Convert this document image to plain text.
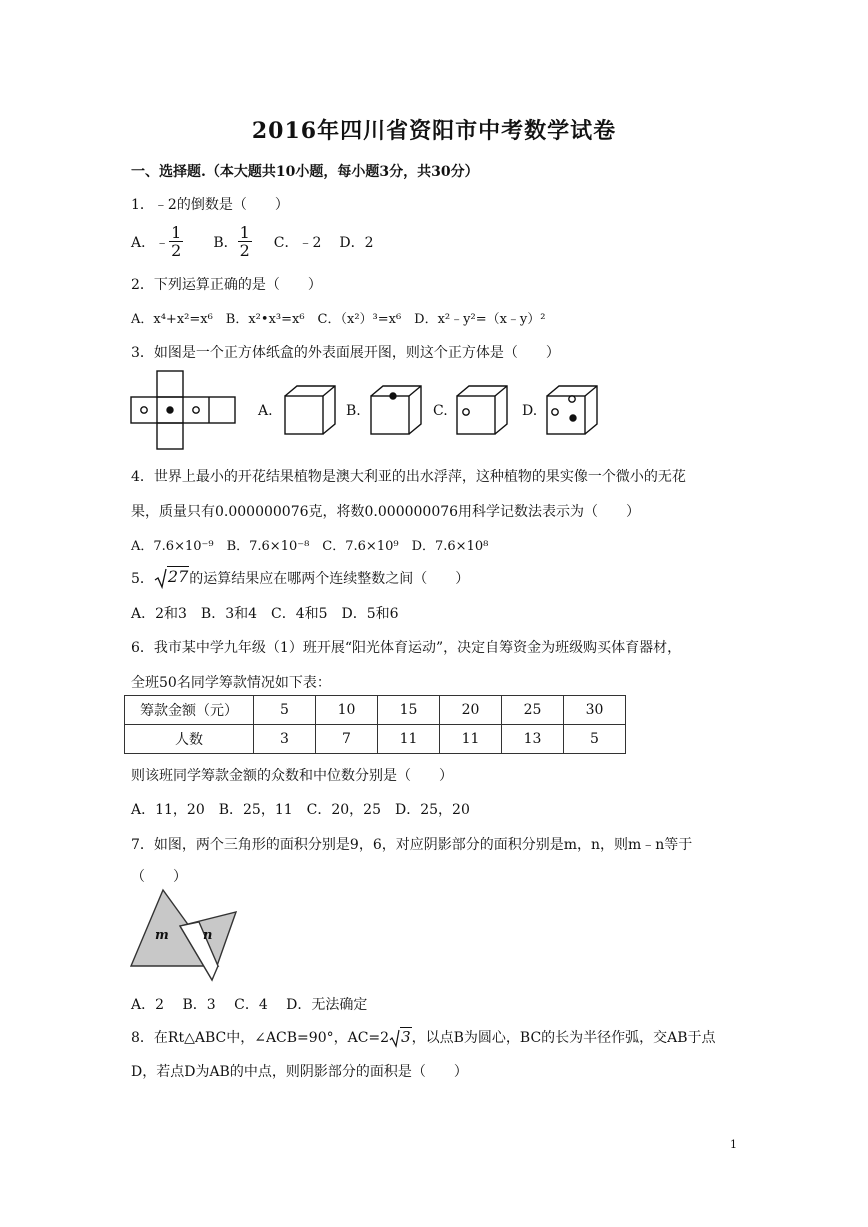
2016年四川省资阳市中考数学试卷
一、选择题.（本大题共10小题，每小题3分，共30分）
1．﹣2的倒数是（　　）
A．﹣ $\frac{1}{2}$ B． $\frac{1}{2}$ C．﹣2 D．2
2．下列运算正确的是（　　）
A．x⁴+x²=x⁶　B．x²•x³=x⁶　C．（x²）³=x⁶　D．x²﹣y²=（x﹣y）²
3．如图是一个正方体纸盒的外表面展开图，则这个正方体是（　　）
A.	B.	C.	D.
4．世界上最小的开花结果植物是澳大利亚的出水浮萍，这种植物的果实像一个微小的无花
果，质量只有0.000000076克，将数0.000000076用科学记数法表示为（　　）
A．7.6×10⁻⁹　B．7.6×10⁻⁸　C．7.6×10⁹　D．7.6×10⁸
5． 27 的运算结果应在哪两个连续整数之间（　　）
A．2和3　B．3和4　C．4和5　D．5和6
6．我市某中学九年级（1）班开展“阳光体育运动”，决定自筹资金为班级购买体育器材，
全班50名同学筹款情况如下表：
筹款金额（元）	5	10	15	20	25	30
人数	3	7	11	11	13	5
则该班同学筹款金额的众数和中位数分别是（　　）
A．11，20　B．25，11　C．20，25　D．25，20
7．如图，两个三角形的面积分别是9，6，对应阴影部分的面积分别是m，n，则m﹣n等于
（　　）
m	n
A．2　 B．3　 C．4　 D．无法确定
8．在Rt△ABC中，∠ACB=90°，AC=2 3 ，以点B为圆心，BC的长为半径作弧，交AB于点
D，若点D为AB的中点，则阴影部分的面积是（　　）
1
